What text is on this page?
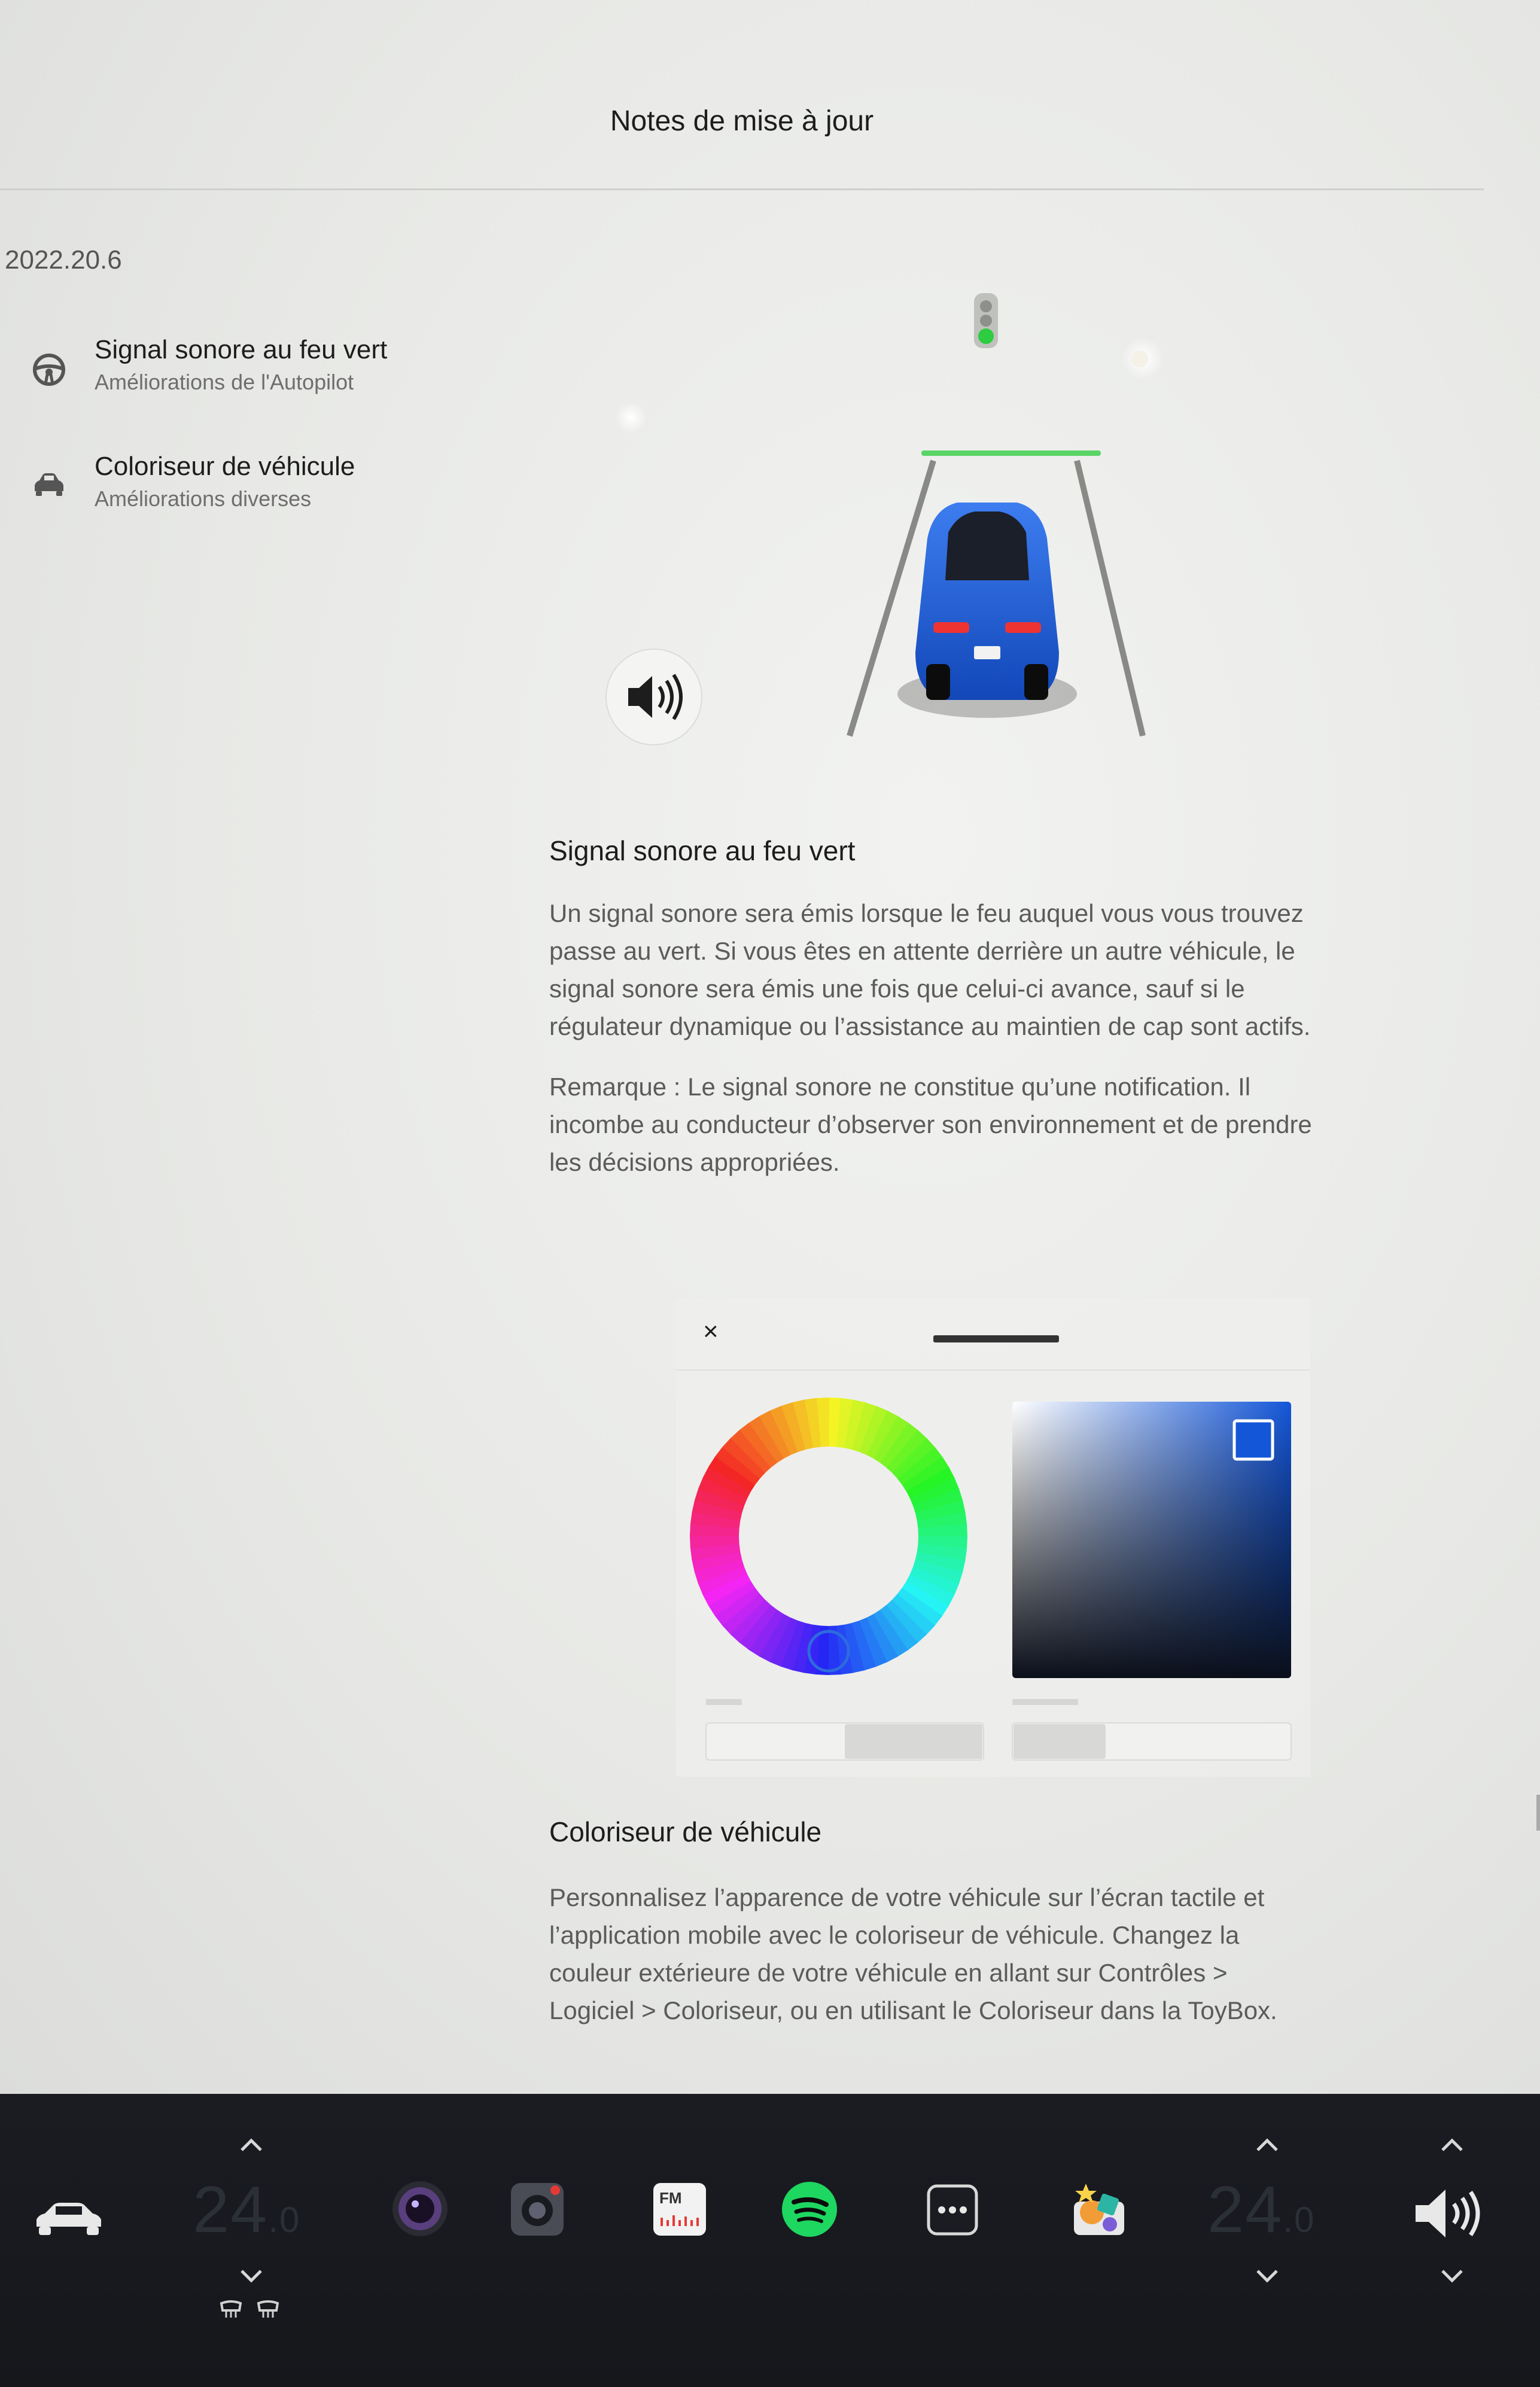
Notes de mise à jour
2022.20.6
Signal sonore au feu vert
Améliorations de l'Autopilot
Coloriseur de véhicule
Améliorations diverses
Signal sonore au feu vert
Un signal sonore sera émis lorsque le feu auquel vous vous trouvez
passe au vert. Si vous êtes en attente derrière un autre véhicule, le
signal sonore sera émis une fois que celui-ci avance, sauf si le
régulateur dynamique ou l’assistance au maintien de cap sont actifs.
Remarque : Le signal sonore ne constitue qu’une notification. Il
incombe au conducteur d’observer son environnement et de prendre
les décisions appropriées.
×
Coloriseur de véhicule
Personnalisez l’apparence de votre véhicule sur l’écran tactile et
l’application mobile avec le coloriseur de véhicule. Changez la
couleur extérieure de votre véhicule en allant sur Contrôles >
Logiciel > Coloriseur, ou en utilisant le Coloriseur dans la ToyBox.
24.0
FM	24.0
